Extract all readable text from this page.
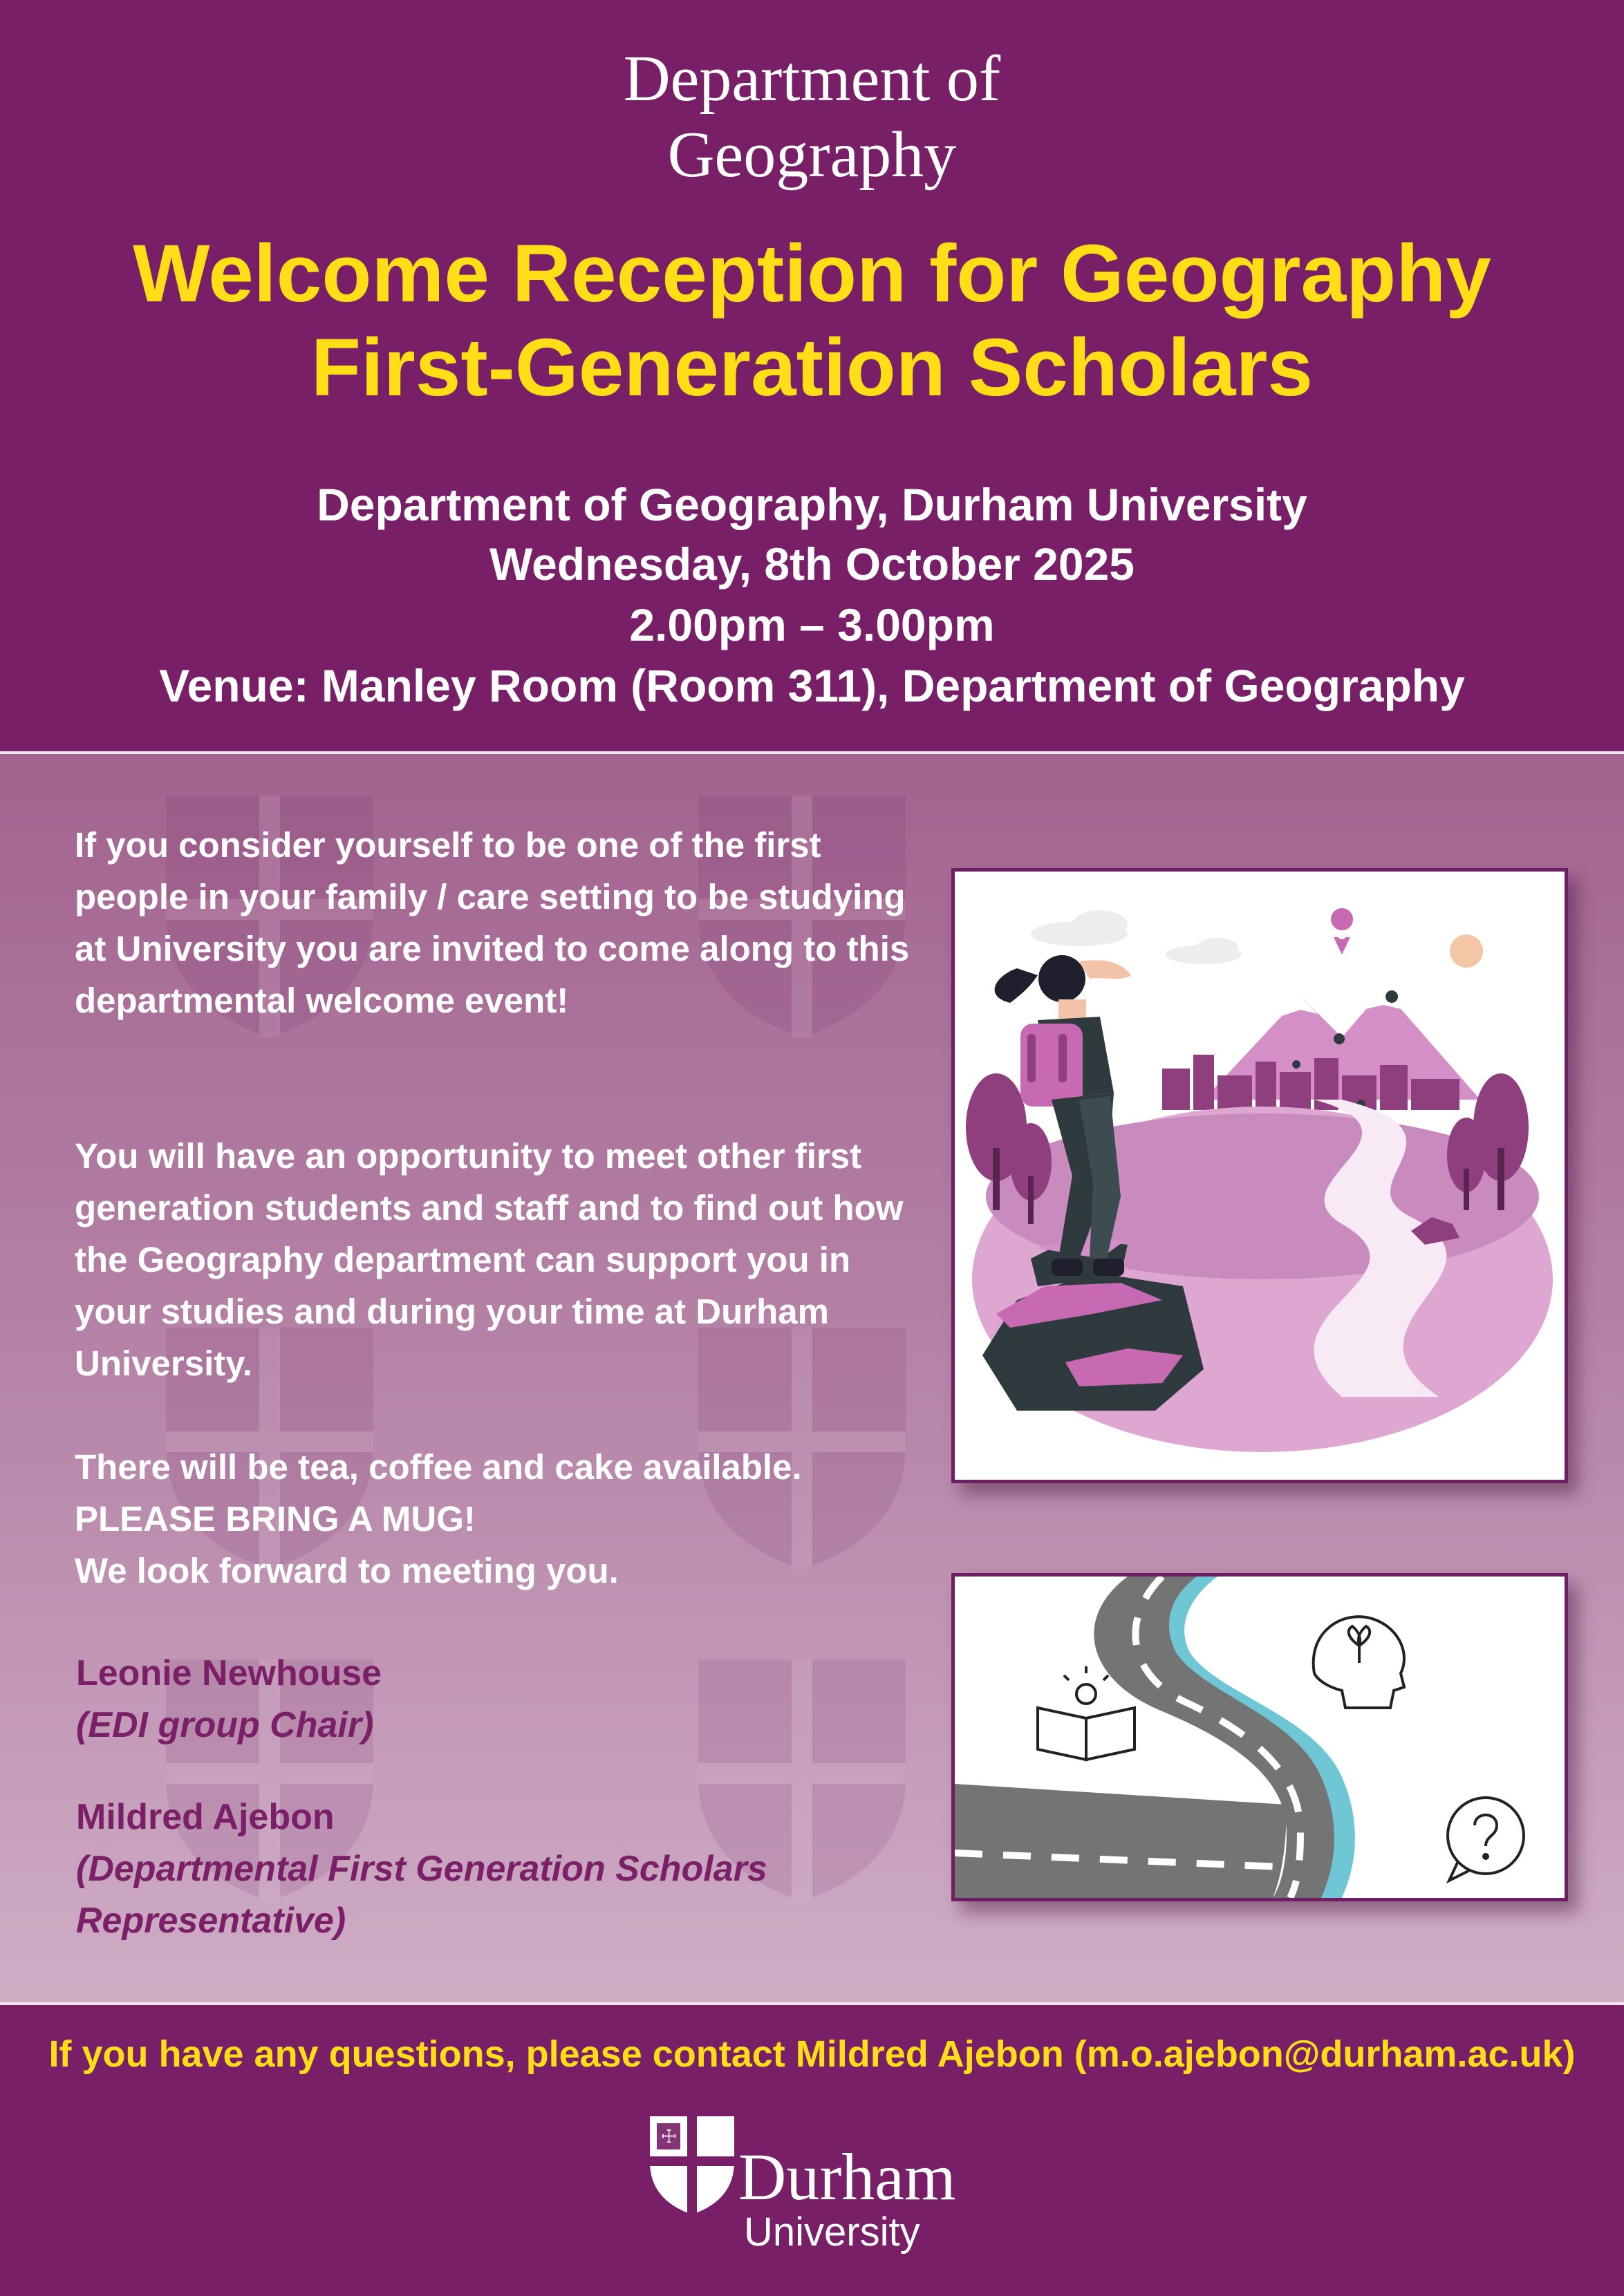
Department of
Geography
Welcome Reception for Geography
First-Generation Scholars
Department of Geography, Durham University
Wednesday, 8th October 2025
2.00pm – 3.00pm
Venue: Manley Room (Room 311), Department of Geography

If you consider yourself to be one of the first people in your family / care setting to be studying at University you are invited to come along to this departmental welcome event!

You will have an opportunity to meet other first generation students and staff and to find out how the Geography department can support you in your studies and during your time at Durham University.

There will be tea, coffee and cake available.
PLEASE BRING A MUG!
We look forward to meeting you.

Leonie Newhouse
(EDI group Chair)
Mildred Ajebon
(Departmental First Generation Scholars Representative)
If you have any questions, please contact Mildred Ajebon (m.o.ajebon@durham.ac.uk)
☩
Durham
University
